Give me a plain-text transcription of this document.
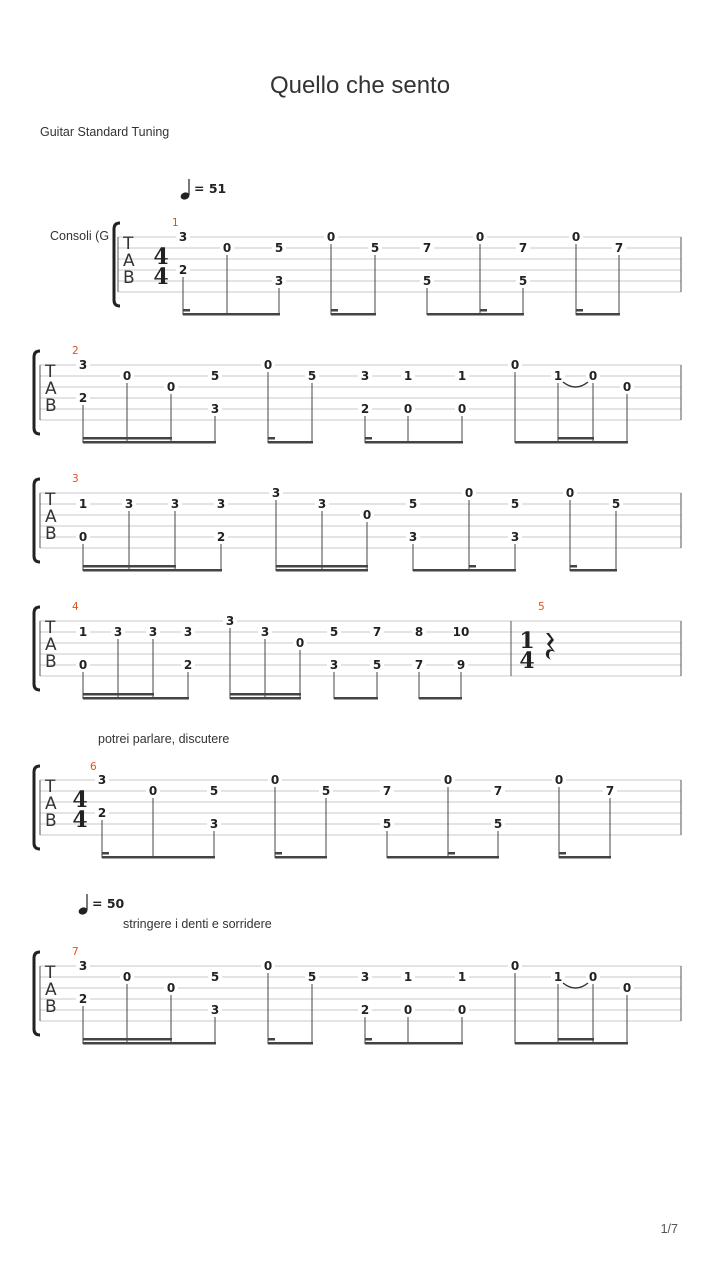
Quello che sento
Guitar Standard Tuning
Consoli (G
potrei parlare, discutere
stringere i denti e sorridere
1/7
T
A
B
1
4
4
3
2
0	5
3
0
5	7
5
0
7
5
0
7
T
A
B
2
3
2
0
0
5
3
0
5	3
2
1
0
1
0
0
1 0
0
T
A
B
3
1
0
3	3	3
2
3
3
0
5
3
0
5
3
0
5
T
A
B
4
1
0
3 3 3
2
3
3
0
5
3
7
5
8
7
10
9
5
1
4
T
A
B
6
4
4
3
2
0	5
3
0
5	7
5
0
7
5
0
7
T
A
B
7
3
2
0
0
5
3
0
5	3
2
1
0
1
0
0
1 0
0
= 51
= 50
